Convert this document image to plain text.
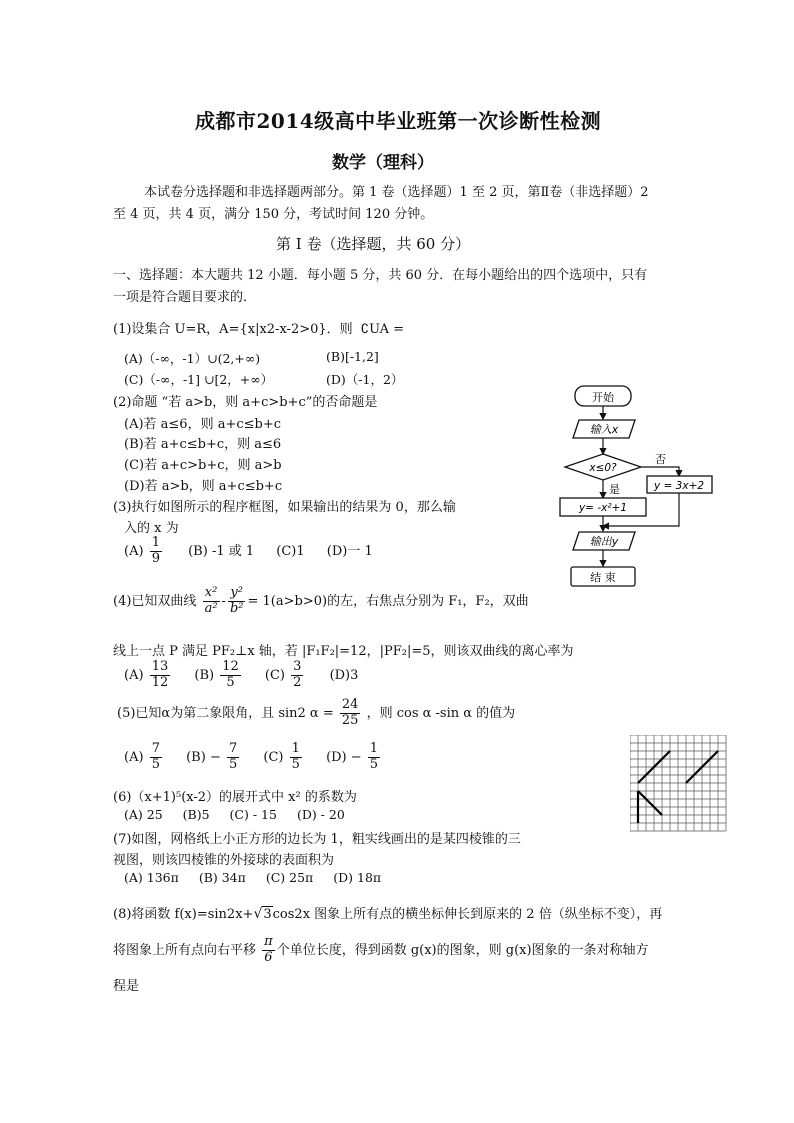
成都市2014级高中毕业班第一次诊断性检测
数学（理科）
本试卷分选择题和非选择题两部分。第 1 卷（选择题）1 至 2 页，第Ⅱ卷（非选择题）2
至 4 页，共 4 页，满分 150 分，考试时间 120 分钟。
第 I 卷（选择题，共 60 分）
一、选择题：本大题共 12 小题．每小题 5 分，共 60 分．在每小题给出的四个选项中，只有
一项是符合题目要求的．
(1)设集合 U=R，A={x|x2-x-2>0}．则 ∁UA =
(A)（-∞，-1）∪(2,+∞)	(B)[-1,2]
(C)（-∞，-1] ∪[2，+∞）	(D)（-1，2）
(2)命题 “若 a>b，则 a+c>b+c”的否命题是
(A)若 a≤6，则 a+c≤b+c
(B)若 a+c≤b+c，则 a≤6
(C)若 a+c>b+c，则 a>b
(D)若 a>b，则 a+c≤b+c
(3)执行如图所示的程序框图，如果输出的结果为 0，那么输
入的 x 为
$(A) \frac{1}{9} (B)$ -1 或 1 (C)1 (D)一 1
开始
输入x
x≤0?
否
y = 3x+2
是
y= -x²+1
输出y
结 束
(4)已知双曲线 $\frac{\text{x²}}{\text{a²}} - \frac{\text{y²}}{\text{b²}} = 1(a>b>0)$的左，右焦点分别为 F₁，F₂，双曲
线上一点 P 满足 PF₂⊥x 轴，若 |F₁F₂|=12，|PF₂|=5，则该双曲线的离心率为
$(A) \frac{13}{12} (B) \frac{12}{5} (C) \frac{3}{2} (D)3$
(5)已知α为第二象限角，且 sin2 $\alpha = \frac{24}{25}$ ，则 cos α -sin α 的值为
$(A) \frac{7}{5} (B) - \frac{7}{5} (C) \frac{1}{5} (D) - \frac{1}{5}$
(6)（x+1)⁵(x-2）的展开式中 x² 的系数为
(A) 25 (B)5 (C) - 15 (D) - 20
(7)如图，网格纸上小正方形的边长为 1，粗实线画出的是某四棱锥的三
视图，则该四棱锥的外接球的表面积为
(A) 136π (B) 34π (C) 25π (D) 18π
(8)将函数 f(x)=sin2x+√3cos2x 图象上所有点的横坐标伸长到原来的 2 倍（纵坐标不变），再
将图象上所有点向右平移 $\frac{\pi}{6}$ 个单位长度，得到函数 g(x)的图象，则 g(x)图象的一条对称轴方
程是
